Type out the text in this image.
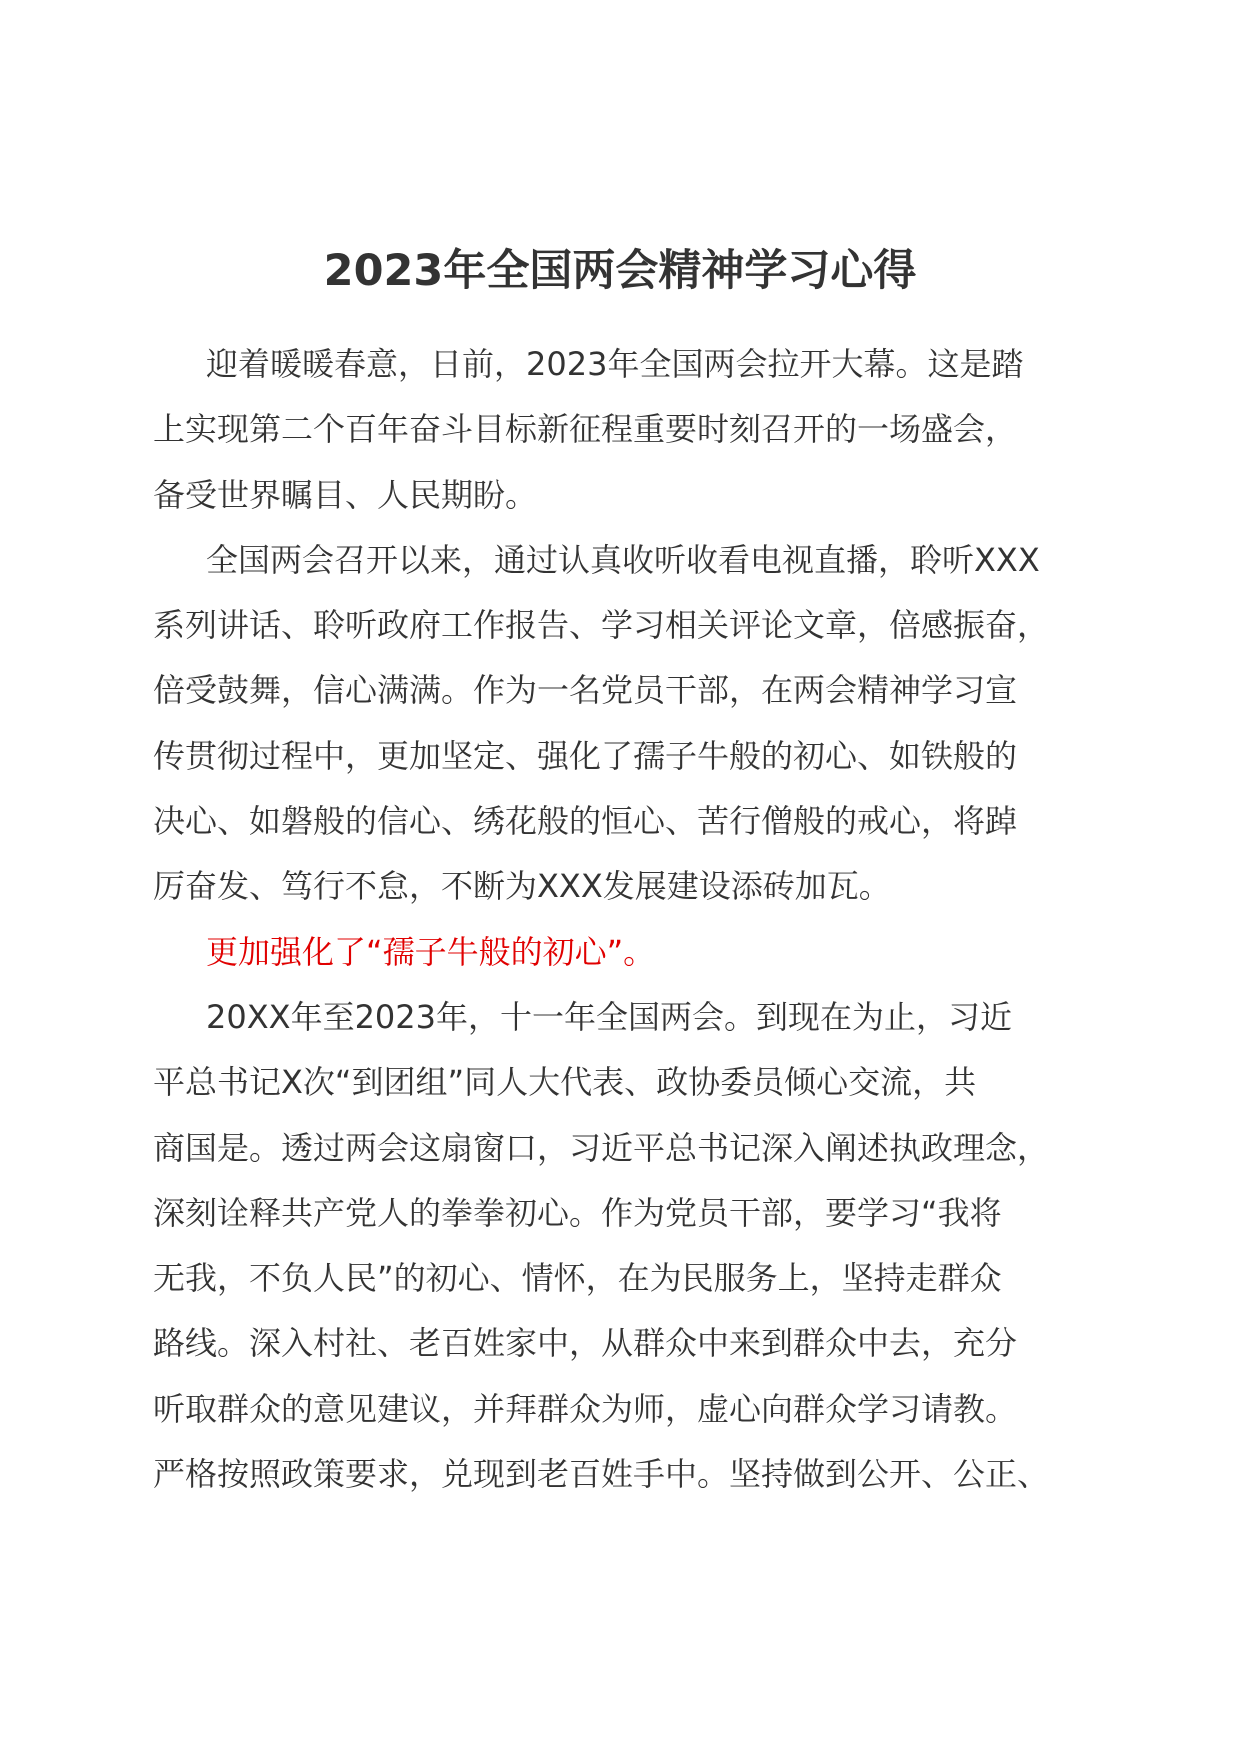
2023年全国两会精神学习心得

迎着暖暖春意，日前，2023年全国两会拉开大幕。这是踏
上实现第二个百年奋斗目标新征程重要时刻召开的一场盛会，
备受世界瞩目、人民期盼。

全国两会召开以来，通过认真收听收看电视直播，聆听XXX
系列讲话、聆听政府工作报告、学习相关评论文章，倍感振奋，
倍受鼓舞，信心满满。作为一名党员干部，在两会精神学习宣
传贯彻过程中，更加坚定、强化了孺子牛般的初心、如铁般的
决心、如磐般的信心、绣花般的恒心、苦行僧般的戒心，将踔
厉奋发、笃行不怠，不断为XXX发展建设添砖加瓦。

更加强化了“孺子牛般的初心”。

20XX年至2023年，十一年全国两会。到现在为止，习近
平总书记X次“到团组”同人大代表、政协委员倾心交流，共
商国是。透过两会这扇窗口，习近平总书记深入阐述执政理念，
深刻诠释共产党人的拳拳初心。作为党员干部，要学习“我将
无我，不负人民”的初心、情怀，在为民服务上，坚持走群众
路线。深入村社、老百姓家中，从群众中来到群众中去，充分
听取群众的意见建议，并拜群众为师，虚心向群众学习请教。
严格按照政策要求，兑现到老百姓手中。坚持做到公开、公正、
